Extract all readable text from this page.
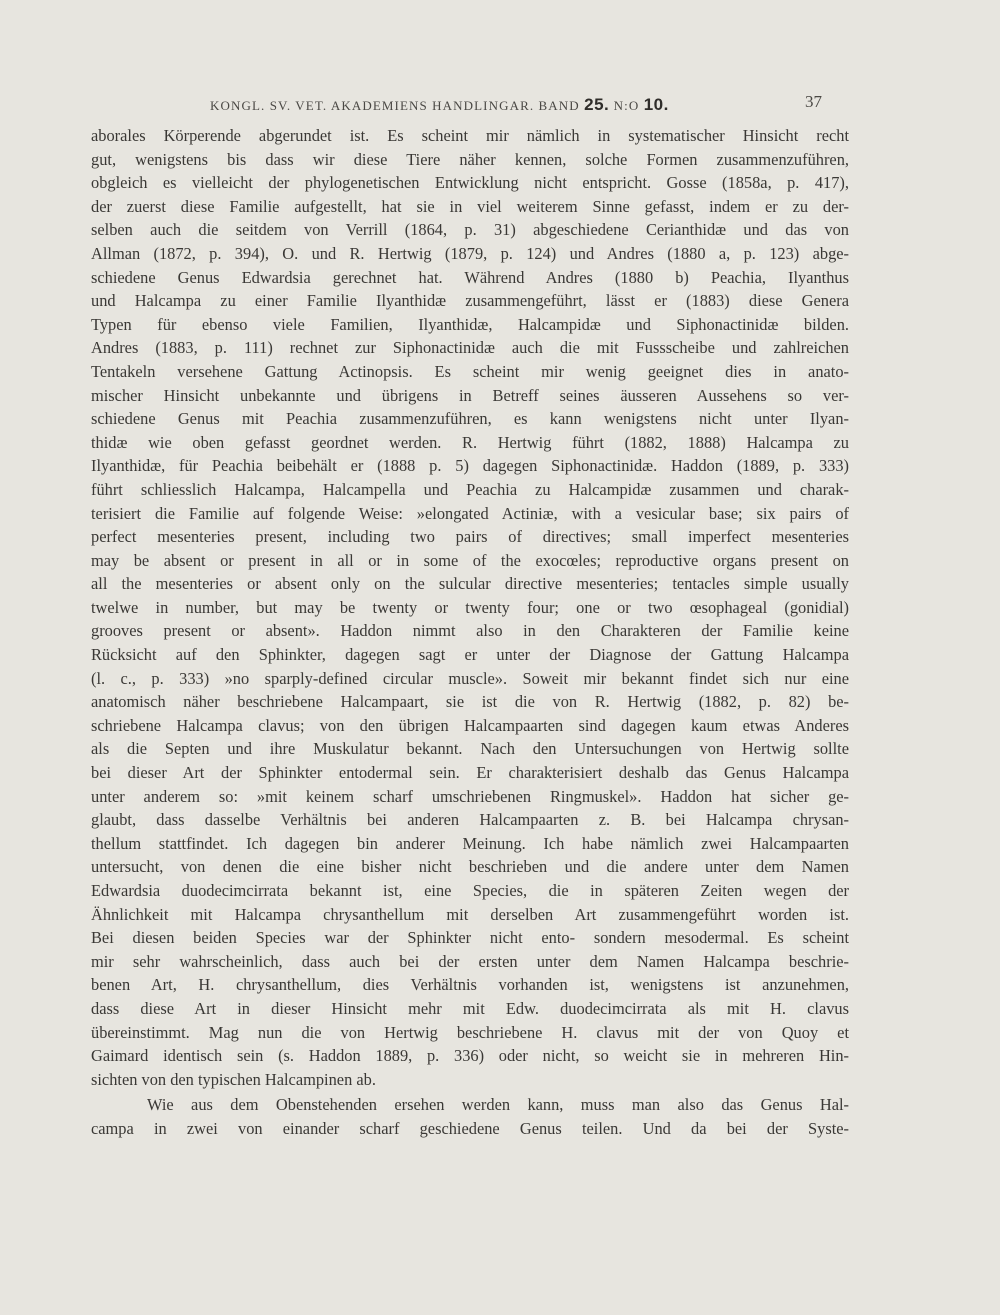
KONGL. SV. VET. AKADEMIENS HANDLINGAR. BAND 25. N:O 10.	37
aborales Körperende abgerundet ist. Es scheint mir nämlich in systematischer Hinsicht recht
gut, wenigstens bis dass wir diese Tiere näher kennen, solche Formen zusammenzuführen,
obgleich es vielleicht der phylogenetischen Entwicklung nicht entspricht. Gosse (1858a, p. 417),
der zuerst diese Familie aufgestellt, hat sie in viel weiterem Sinne gefasst, indem er zu der-
selben auch die seitdem von Verrill (1864, p. 31) abgeschiedene Cerianthidæ und das von
Allman (1872, p. 394), O. und R. Hertwig (1879, p. 124) und Andres (1880 a, p. 123) abge-
schiedene Genus Edwardsia gerechnet hat. Während Andres (1880 b) Peachia, Ilyanthus
und Halcampa zu einer Familie Ilyanthidæ zusammengeführt, lässt er (1883) diese Genera
Typen für ebenso viele Familien, Ilyanthidæ, Halcampidæ und Siphonactinidæ bilden.
Andres (1883, p. 111) rechnet zur Siphonactinidæ auch die mit Fussscheibe und zahlreichen
Tentakeln versehene Gattung Actinopsis. Es scheint mir wenig geeignet dies in anato-
mischer Hinsicht unbekannte und übrigens in Betreff seines äusseren Aussehens so ver-
schiedene Genus mit Peachia zusammenzuführen, es kann wenigstens nicht unter Ilyan-
thidæ wie oben gefasst geordnet werden. R. Hertwig führt (1882, 1888) Halcampa zu
Ilyanthidæ, für Peachia beibehält er (1888 p. 5) dagegen Siphonactinidæ. Haddon (1889, p. 333)
führt schliesslich Halcampa, Halcampella und Peachia zu Halcampidæ zusammen und charak-
terisiert die Familie auf folgende Weise: »elongated Actiniæ, with a vesicular base; six pairs of
perfect mesenteries present, including two pairs of directives; small imperfect mesenteries
may be absent or present in all or in some of the exocœles; reproductive organs present on
all the mesenteries or absent only on the sulcular directive mesenteries; tentacles simple usually
twelwe in number, but may be twenty or twenty four; one or two œsophageal (gonidial)
grooves present or absent». Haddon nimmt also in den Charakteren der Familie keine
Rücksicht auf den Sphinkter, dagegen sagt er unter der Diagnose der Gattung Halcampa
(l. c., p. 333) »no sparply-defined circular muscle». Soweit mir bekannt findet sich nur eine
anatomisch näher beschriebene Halcampaart, sie ist die von R. Hertwig (1882, p. 82) be-
schriebene Halcampa clavus; von den übrigen Halcampaarten sind dagegen kaum etwas Anderes
als die Septen und ihre Muskulatur bekannt. Nach den Untersuchungen von Hertwig sollte
bei dieser Art der Sphinkter entodermal sein. Er charakterisiert deshalb das Genus Halcampa
unter anderem so: »mit keinem scharf umschriebenen Ringmuskel». Haddon hat sicher ge-
glaubt, dass dasselbe Verhältnis bei anderen Halcampaarten z. B. bei Halcampa chrysan-
thellum stattfindet. Ich dagegen bin anderer Meinung. Ich habe nämlich zwei Halcampaarten
untersucht, von denen die eine bisher nicht beschrieben und die andere unter dem Namen
Edwardsia duodecimcirrata bekannt ist, eine Species, die in späteren Zeiten wegen der
Ähnlichkeit mit Halcampa chrysanthellum mit derselben Art zusammengeführt worden ist.
Bei diesen beiden Species war der Sphinkter nicht ento- sondern mesodermal. Es scheint
mir sehr wahrscheinlich, dass auch bei der ersten unter dem Namen Halcampa beschrie-
benen Art, H. chrysanthellum, dies Verhältnis vorhanden ist, wenigstens ist anzunehmen,
dass diese Art in dieser Hinsicht mehr mit Edw. duodecimcirrata als mit H. clavus
übereinstimmt. Mag nun die von Hertwig beschriebene H. clavus mit der von Quoy et
Gaimard identisch sein (s. Haddon 1889, p. 336) oder nicht, so weicht sie in mehreren Hin-
sichten von den typischen Halcampinen ab.
Wie aus dem Obenstehenden ersehen werden kann, muss man also das Genus Hal-
campa in zwei von einander scharf geschiedene Genus teilen. Und da bei der Syste-
